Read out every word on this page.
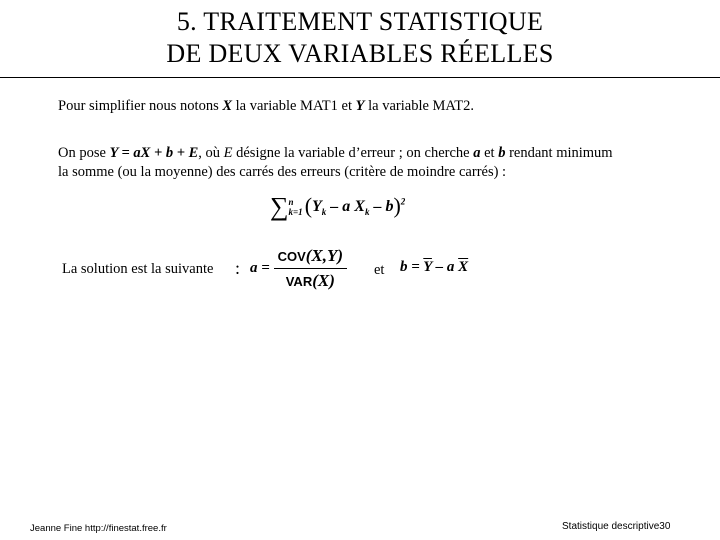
5. TRAITEMENT STATISTIQUE
DE DEUX VARIABLES RÉELLES
Pour simplifier nous notons X la variable MAT1 et Y la variable MAT2.
On pose Y = aX + b + E, où E désigne la variable d’erreur ; on cherche a et b rendant minimum
la somme (ou la moyenne) des carrés des erreurs (critère de moindre carrés) :
∑ n
k=1 ($Y_k$ – a $X_k - b)^2$
La solution est la suivante : $a = \frac{\text{COV(X,Y)}}{\text{VAR(X)}}$ et $b = \overline{Y} - a$ $\overline{X}$
Jeanne Fine http://finestat.free.fr	Statistique descriptive30
